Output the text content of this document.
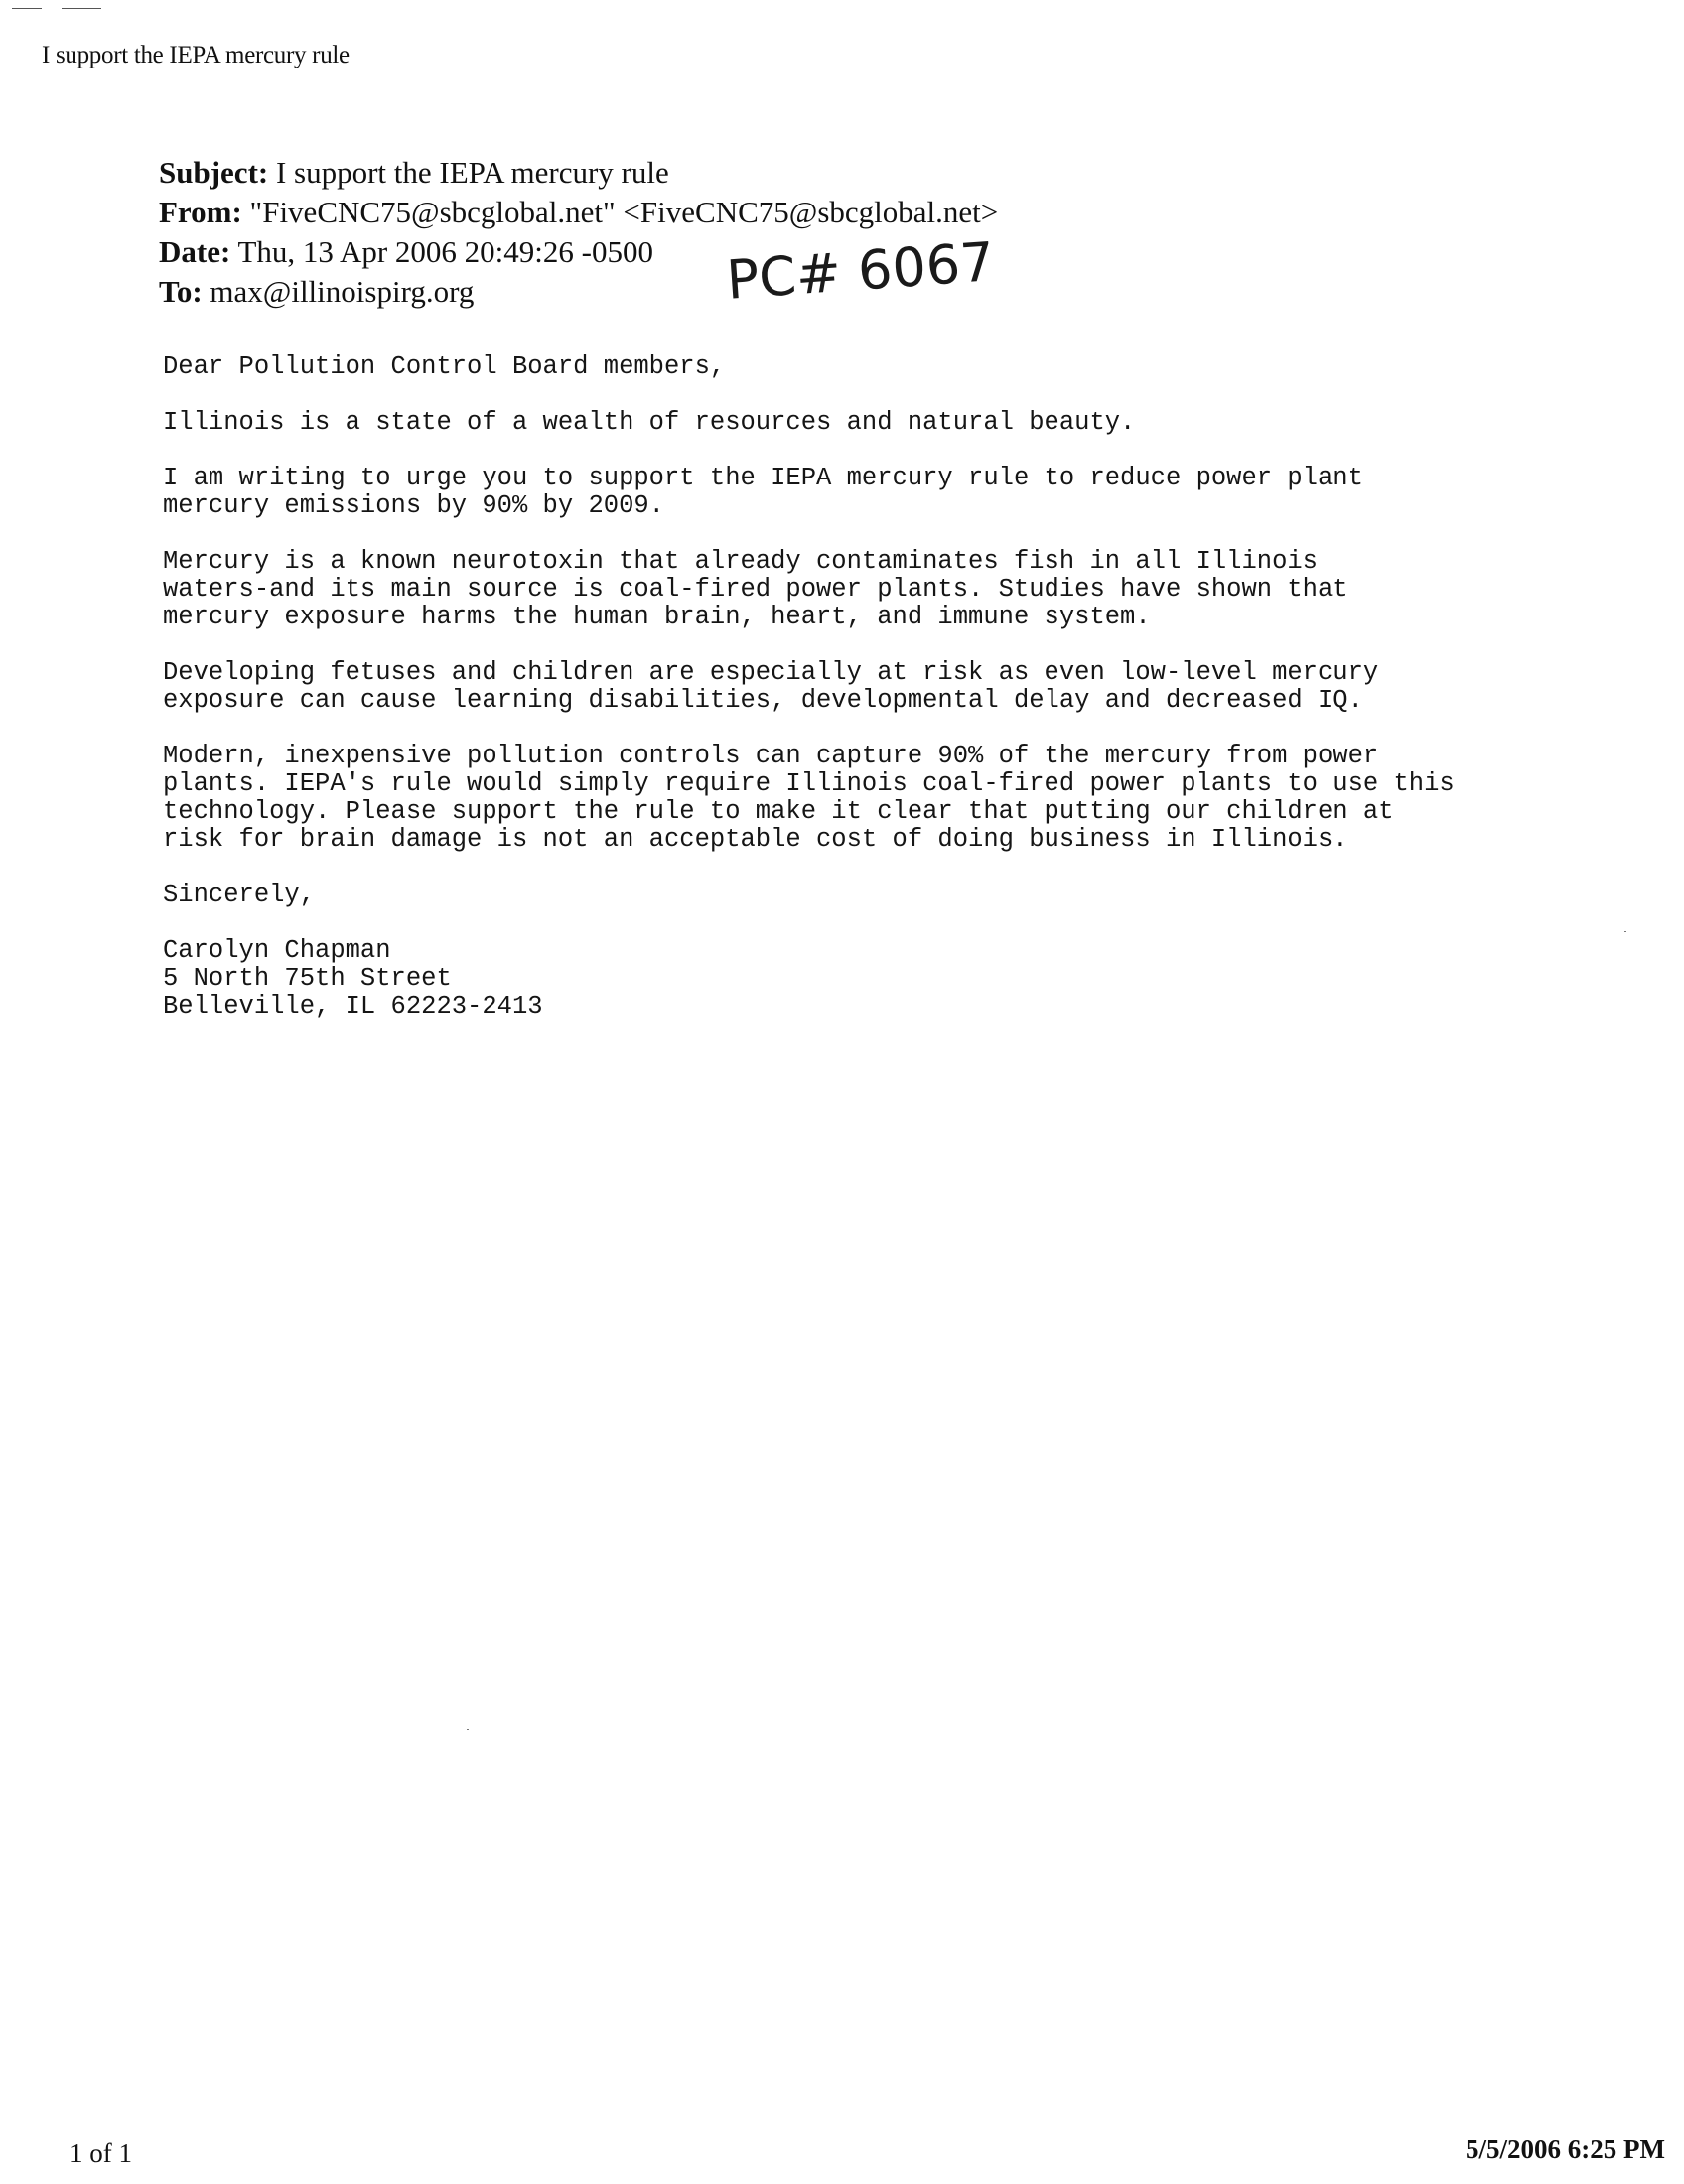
I support the IEPA mercury rule
Subject: I support the IEPA mercury rule
From: "FiveCNC75@sbcglobal.net" <FiveCNC75@sbcglobal.net>
Date: Thu, 13 Apr 2006 20:49:26 -0500
To: max@illinoispirg.org	PC# 6067

Dear Pollution Control Board members,

Illinois is a state of a wealth of resources and natural beauty.

I am writing to urge you to support the IEPA mercury rule to reduce power plant
mercury emissions by 90% by 2009.

Mercury is a known neurotoxin that already contaminates fish in all Illinois
waters-and its main source is coal-fired power plants. Studies have shown that
mercury exposure harms the human brain, heart, and immune system.

Developing fetuses and children are especially at risk as even low-level mercury
exposure can cause learning disabilities, developmental delay and decreased IQ.

Modern, inexpensive pollution controls can capture 90% of the mercury from power
plants. IEPA's rule would simply require Illinois coal-fired power plants to use this
technology. Please support the rule to make it clear that putting our children at
risk for brain damage is not an acceptable cost of doing business in Illinois.

Sincerely,

Carolyn Chapman
5 North 75th Street
Belleville, IL 62223-2413
1 of 1	5/5/2006 6:25 PM
